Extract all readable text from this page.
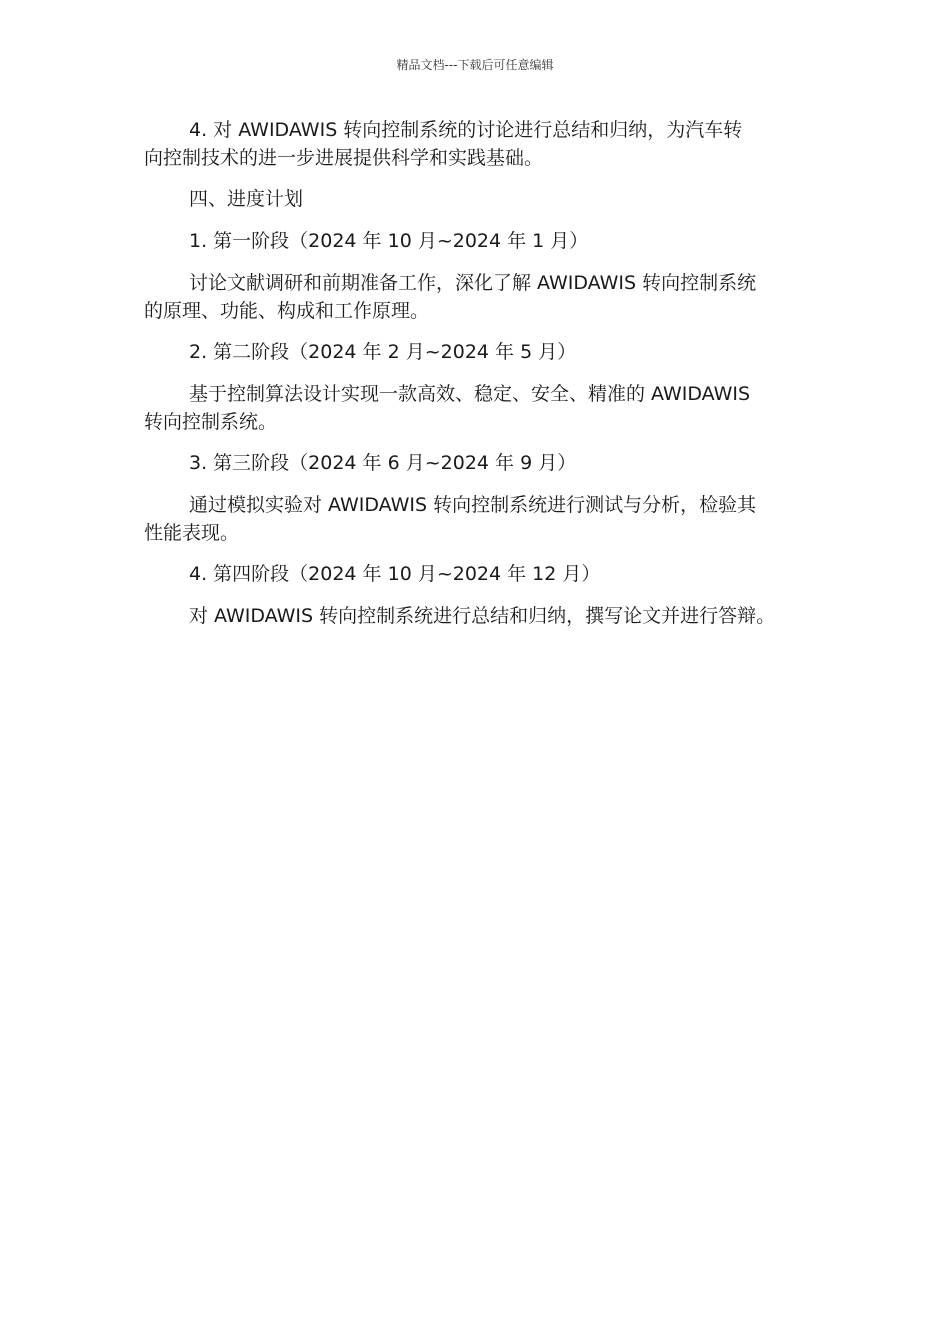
精品文档---下载后可任意编辑

4. 对 AWIDAWIS 转向控制系统的讨论进行总结和归纳，为汽车转
向控制技术的进一步进展提供科学和实践基础。

四、进度计划

1. 第一阶段（2024 年 10 月~2024 年 1 月）

讨论文献调研和前期准备工作，深化了解 AWIDAWIS 转向控制系统
的原理、功能、构成和工作原理。

2. 第二阶段（2024 年 2 月~2024 年 5 月）

基于控制算法设计实现一款高效、稳定、安全、精准的 AWIDAWIS
转向控制系统。

3. 第三阶段（2024 年 6 月~2024 年 9 月）

通过模拟实验对 AWIDAWIS 转向控制系统进行测试与分析，检验其
性能表现。

4. 第四阶段（2024 年 10 月~2024 年 12 月）

对 AWIDAWIS 转向控制系统进行总结和归纳，撰写论文并进行答辩。
